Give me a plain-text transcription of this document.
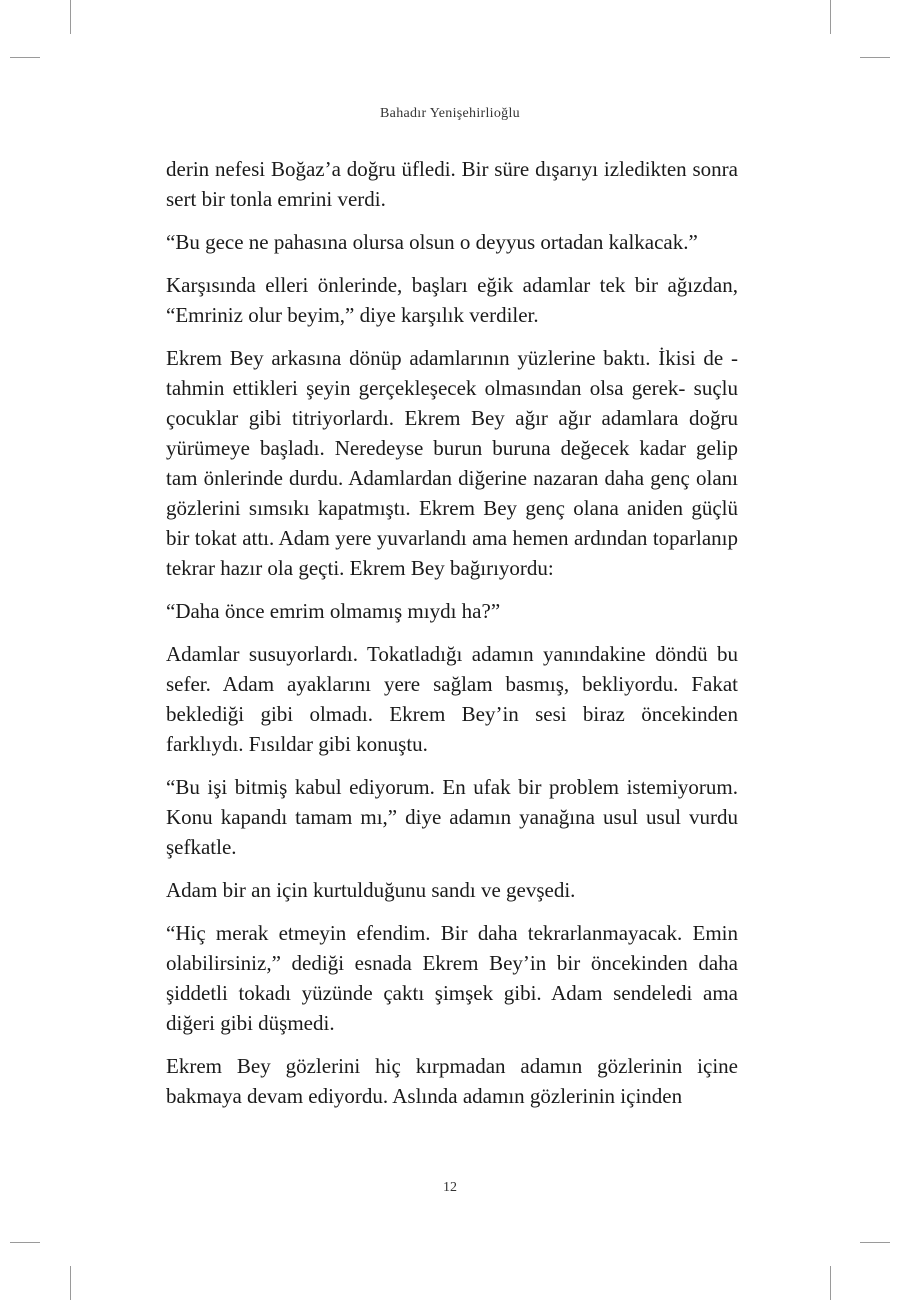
Bahadır Yenişehirlioğlu

derin nefesi Boğaz’a doğru üfledi. Bir süre dışarıyı izledikten sonra sert bir tonla emrini verdi.

“Bu gece ne pahasına olursa olsun o deyyus ortadan kalkacak.”

Karşısında elleri önlerinde, başları eğik adamlar tek bir ağızdan, “Emriniz olur beyim,” diye karşılık verdiler.

Ekrem Bey arkasına dönüp adamlarının yüzlerine baktı. İkisi de -tahmin ettikleri şeyin gerçekleşecek olmasından olsa gerek- suçlu çocuklar gibi titriyorlardı. Ekrem Bey ağır ağır adamlara doğru yürümeye başladı. Neredeyse burun buruna değecek kadar gelip tam önlerinde durdu. Adamlardan diğerine nazaran daha genç olanı gözlerini sımsıkı kapatmıştı. Ekrem Bey genç olana aniden güçlü bir tokat attı. Adam yere yuvarlandı ama hemen ardından toparlanıp tekrar hazır ola geçti. Ekrem Bey bağırıyordu:

“Daha önce emrim olmamış mıydı ha?”

Adamlar susuyorlardı. Tokatladığı adamın yanındakine döndü bu sefer. Adam ayaklarını yere sağlam basmış, bekliyordu. Fakat beklediği gibi olmadı. Ekrem Bey’in sesi biraz öncekinden farklıydı. Fısıldar gibi konuştu.

“Bu işi bitmiş kabul ediyorum. En ufak bir problem istemiyorum. Konu kapandı tamam mı,” diye adamın yanağına usul usul vurdu şefkatle.

Adam bir an için kurtulduğunu sandı ve gevşedi.

“Hiç merak etmeyin efendim. Bir daha tekrarlanmayacak. Emin olabilirsiniz,” dediği esnada Ekrem Bey’in bir öncekinden daha şiddetli tokadı yüzünde çaktı şimşek gibi. Adam sendeledi ama diğeri gibi düşmedi.

Ekrem Bey gözlerini hiç kırpmadan adamın gözlerinin içine bakmaya devam ediyordu. Aslında adamın gözlerinin içinden

12
